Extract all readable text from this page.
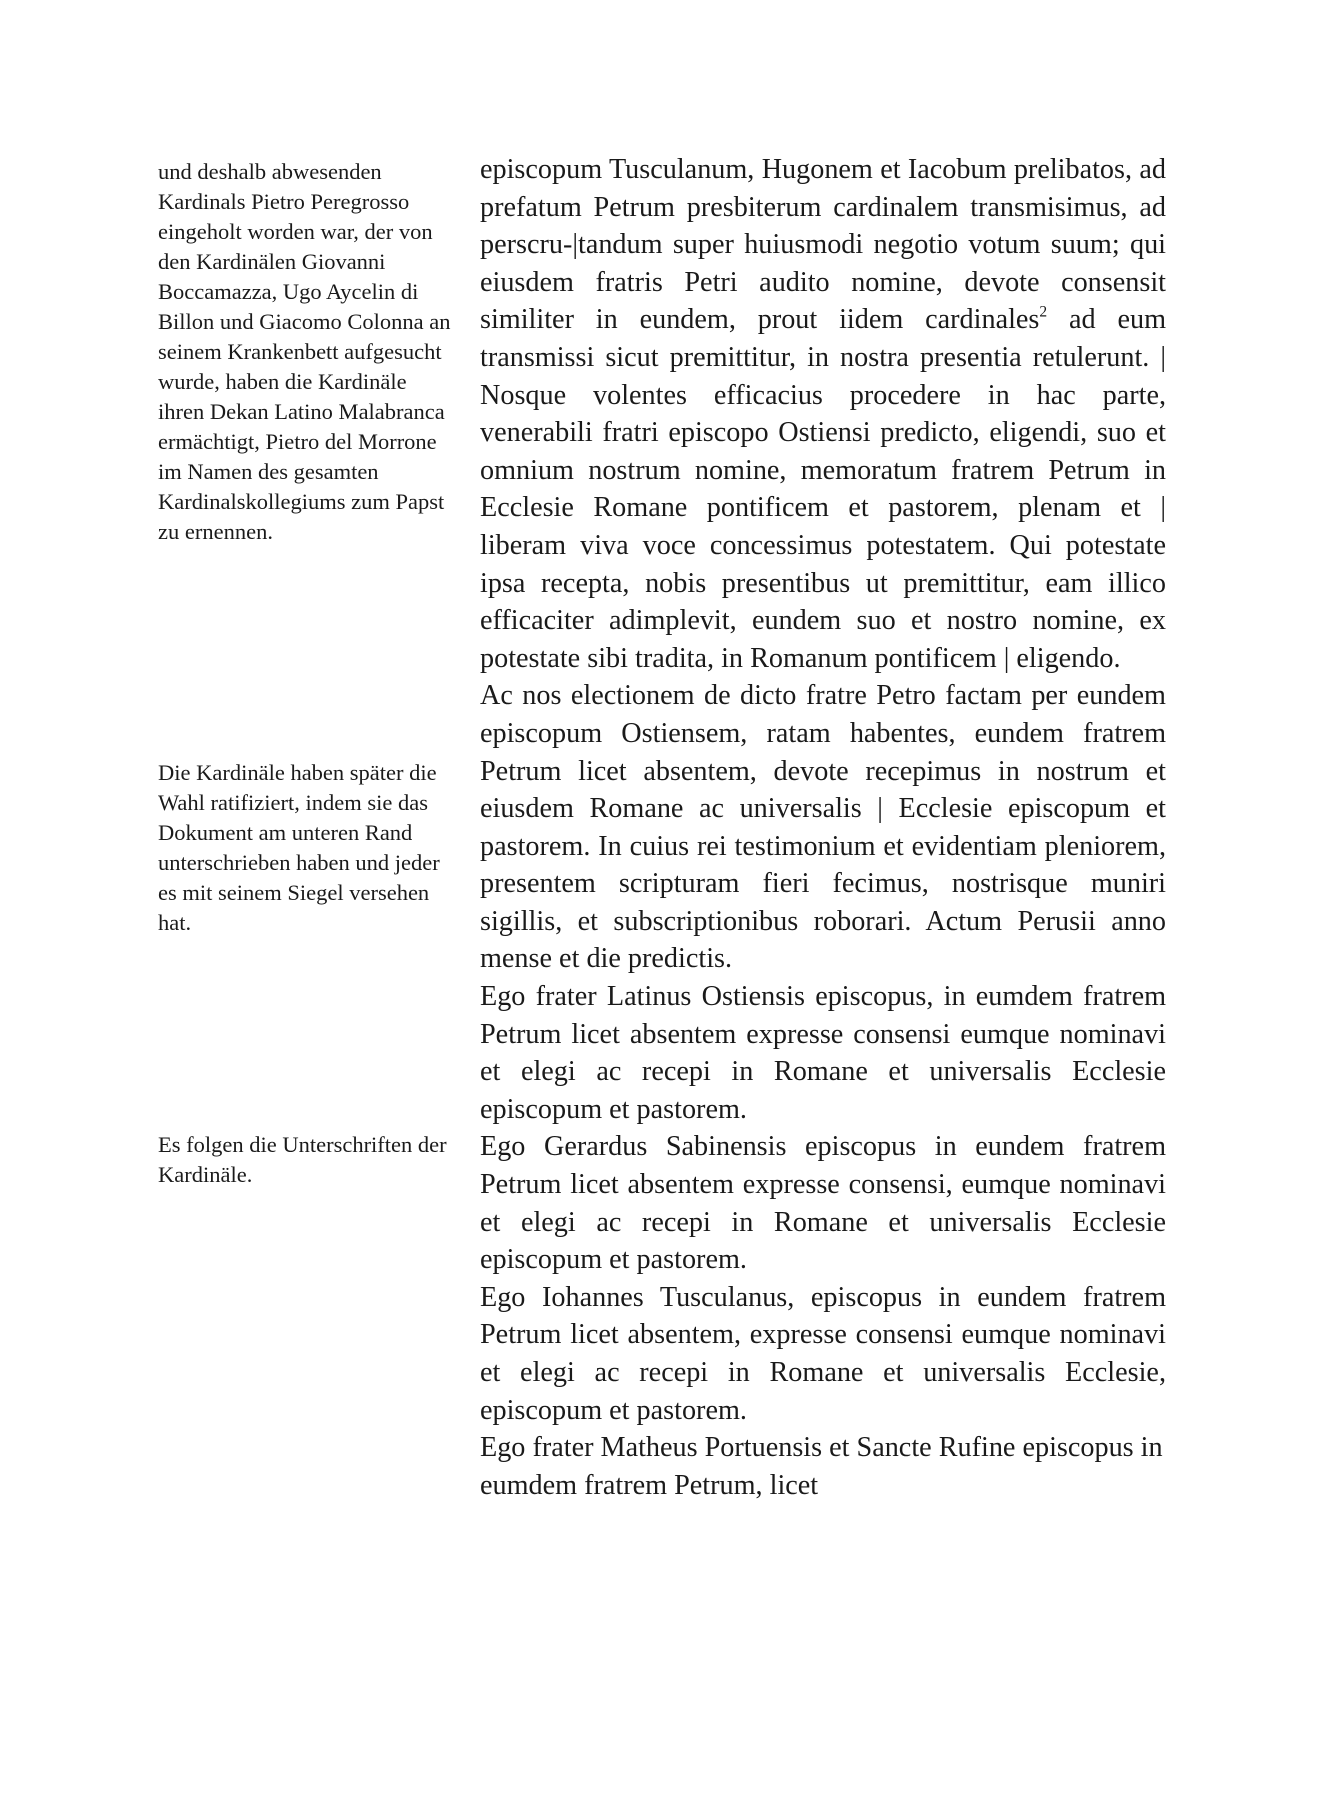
und deshalb abwesenden Kardinals Pietro Peregrosso eingeholt worden war, der von den Kardinälen Giovanni Boccamazza, Ugo Aycelin di Billon und Giacomo Colonna an seinem Krankenbett aufgesucht wurde, haben die Kardinäle ihren Dekan Latino Malabranca ermächtigt, Pietro del Morrone im Namen des gesamten Kardinalskollegiums zum Papst zu ernennen.

Die Kardinäle haben später die Wahl ratifiziert, indem sie das Dokument am unteren Rand unterschrieben haben und jeder es mit seinem Siegel versehen hat.

Es folgen die Unterschriften der Kardinäle.

episcopum Tusculanum, Hugonem et Iacobum prelibatos, ad prefatum Petrum presbiterum cardinalem transmisimus, ad perscru-|tandum super huiusmodi negotio votum suum; qui eiusdem fratris Petri audito nomine, devote consensit similiter in eundem, prout iidem cardinales$^2$ ad eum transmissi sicut premittitur, in nostra presentia retulerunt. | Nosque volentes efficacius procedere in hac parte, venerabili fratri episcopo Ostiensi predicto, eligendi, suo et omnium nostrum nomine, memoratum fratrem Petrum in Ecclesie Romane pontificem et pastorem, plenam et | liberam viva voce concessimus potestatem. Qui potestate ipsa recepta, nobis presentibus ut premittitur, eam illico efficaciter adimplevit, eundem suo et nostro nomine, ex potestate sibi tradita, in Romanum pontificem | eligendo.

Ac nos electionem de dicto fratre Petro factam per eundem episcopum Ostiensem, ratam habentes, eundem fratrem Petrum licet absentem, devote recepimus in nostrum et eiusdem Romane ac universalis | Ecclesie episcopum et pastorem. In cuius rei testimonium et evidentiam pleniorem, presentem scripturam fieri fecimus, nostrisque muniri sigillis, et subscriptionibus roborari. Actum Perusii anno mense et die predictis.

Ego frater Latinus Ostiensis episcopus, in eumdem fratrem Petrum licet absentem expresse consensi eumque nominavi et elegi ac recepi in Romane et universalis Ecclesie episcopum et pastorem.

Ego Gerardus Sabinensis episcopus in eundem fratrem Petrum licet absentem expresse consensi, eumque nominavi et elegi ac recepi in Romane et universalis Ecclesie episcopum et pastorem.

Ego Iohannes Tusculanus, episcopus in eundem fratrem Petrum licet absentem, expresse consensi eumque nominavi et elegi ac recepi in Romane et universalis Ecclesie, episcopum et pastorem.

Ego frater Matheus Portuensis et Sancte Rufine episcopus in eumdem fratrem Petrum, licet
